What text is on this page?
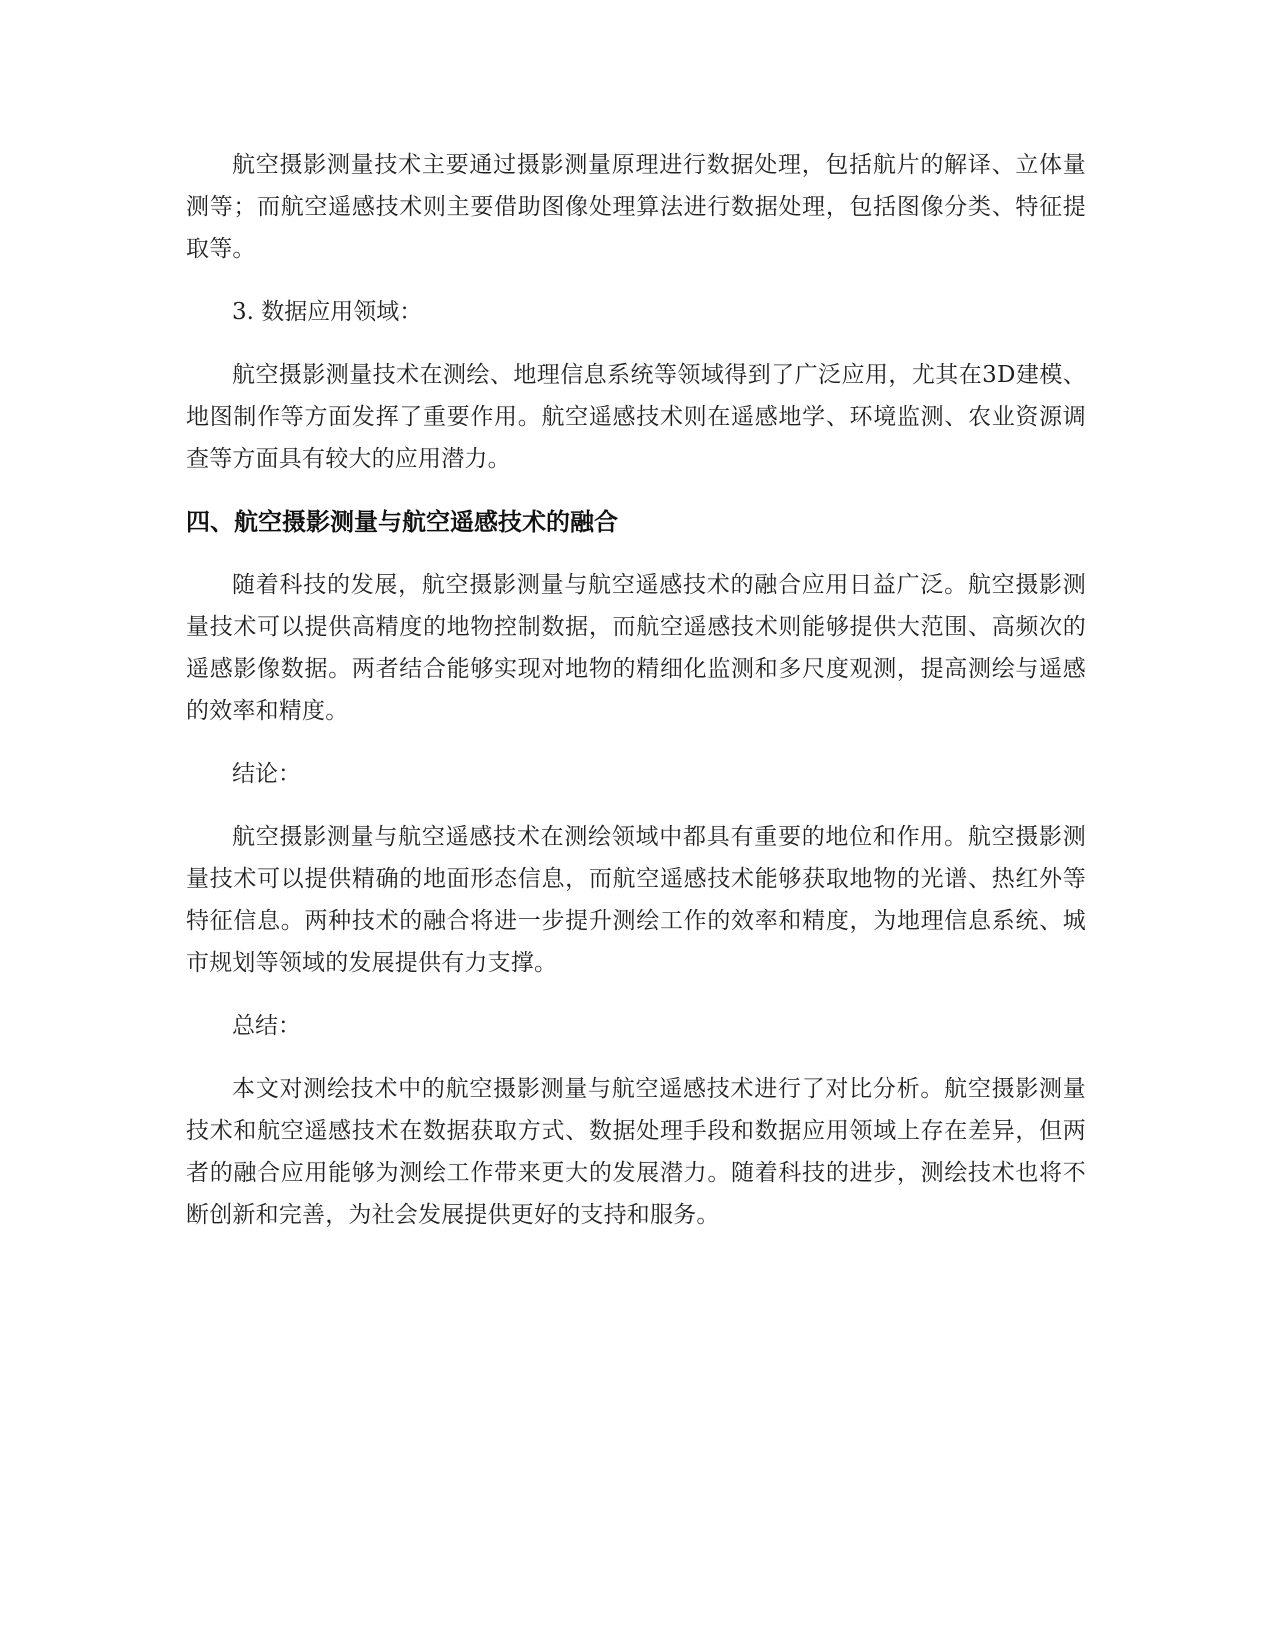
航空摄影测量技术主要通过摄影测量原理进行数据处理，包括航片的解译、立体量测等；而航空遥感技术则主要借助图像处理算法进行数据处理，包括图像分类、特征提取等。

3. 数据应用领域：

航空摄影测量技术在测绘、地理信息系统等领域得到了广泛应用，尤其在3D建模、地图制作等方面发挥了重要作用。航空遥感技术则在遥感地学、环境监测、农业资源调查等方面具有较大的应用潜力。

四、航空摄影测量与航空遥感技术的融合

随着科技的发展，航空摄影测量与航空遥感技术的融合应用日益广泛。航空摄影测量技术可以提供高精度的地物控制数据，而航空遥感技术则能够提供大范围、高频次的遥感影像数据。两者结合能够实现对地物的精细化监测和多尺度观测，提高测绘与遥感的效率和精度。

结论：

航空摄影测量与航空遥感技术在测绘领域中都具有重要的地位和作用。航空摄影测量技术可以提供精确的地面形态信息，而航空遥感技术能够获取地物的光谱、热红外等特征信息。两种技术的融合将进一步提升测绘工作的效率和精度，为地理信息系统、城市规划等领域的发展提供有力支撑。

总结：

本文对测绘技术中的航空摄影测量与航空遥感技术进行了对比分析。航空摄影测量技术和航空遥感技术在数据获取方式、数据处理手段和数据应用领域上存在差异，但两者的融合应用能够为测绘工作带来更大的发展潜力。随着科技的进步，测绘技术也将不断创新和完善，为社会发展提供更好的支持和服务。
